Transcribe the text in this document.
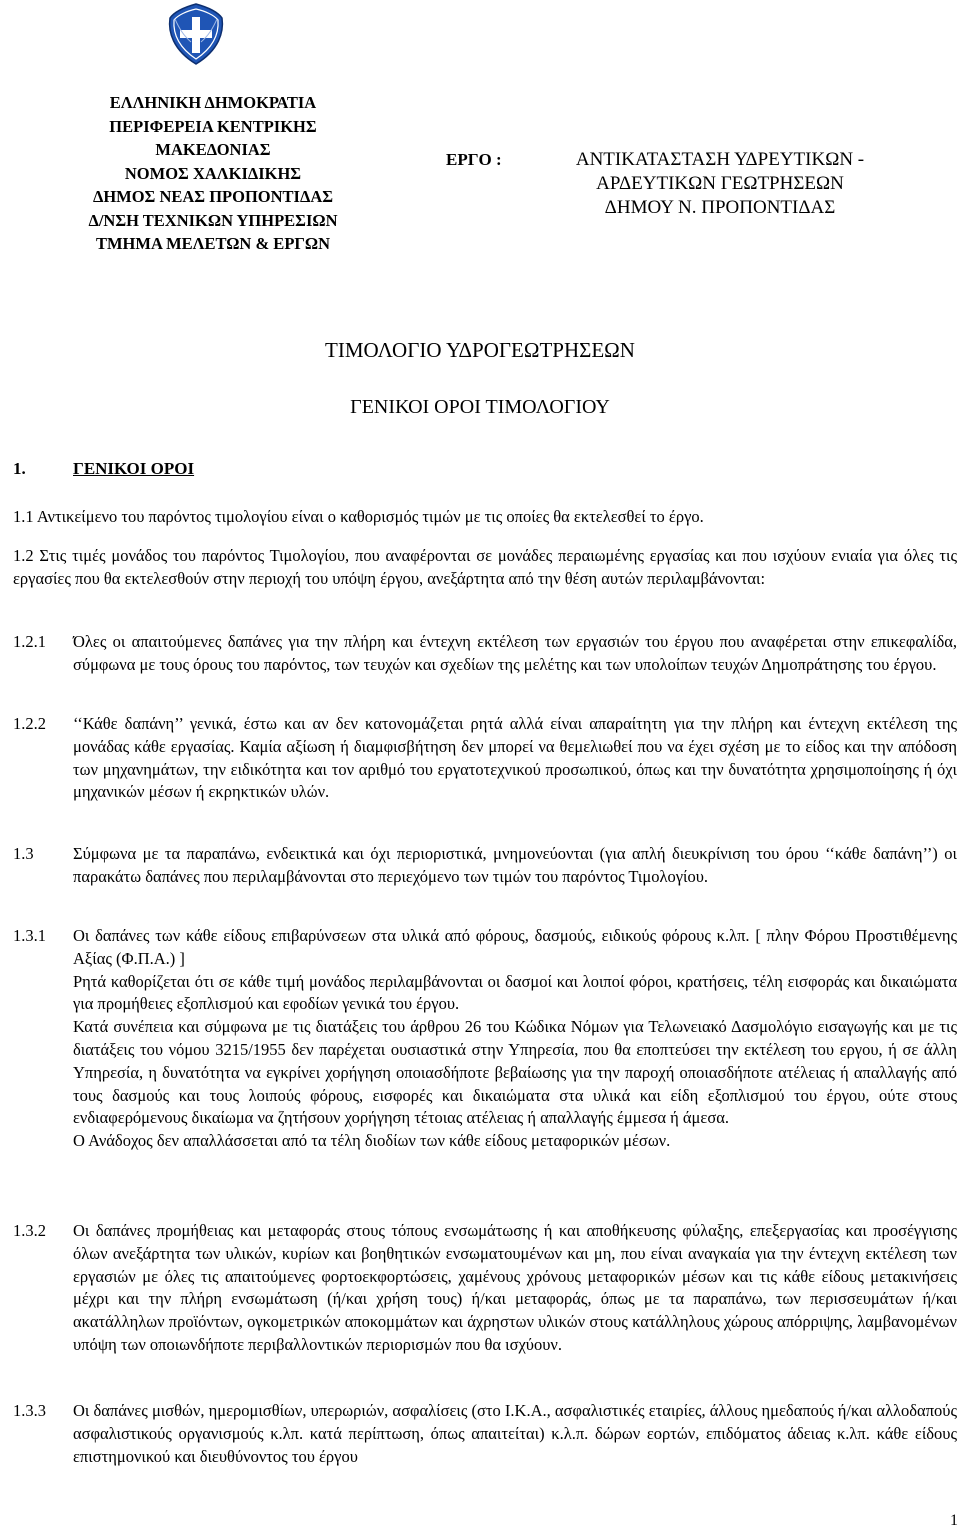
ΕΛΛΗΝΙΚΗ ΔΗΜΟΚΡΑΤΙΑ
ΠΕΡΙΦΕΡΕΙΑ ΚΕΝΤΡΙΚΗΣ
ΜΑΚΕΔΟΝΙΑΣ
ΝΟΜΟΣ ΧΑΛΚΙΔΙΚΗΣ
ΔΗΜΟΣ ΝΕΑΣ ΠΡΟΠΟΝΤΙΔΑΣ
Δ/ΝΣΗ ΤΕΧΝΙΚΩΝ ΥΠΗΡΕΣΙΩΝ
ΤΜΗΜΑ ΜΕΛΕΤΩΝ & ΕΡΓΩΝ
ΕΡΓΟ :	ΑΝΤΙΚΑΤΑΣΤΑΣΗ ΥΔΡΕΥΤΙΚΩΝ -
ΑΡΔΕΥΤΙΚΩΝ ΓΕΩΤΡΗΣΕΩΝ
ΔΗΜΟΥ Ν. ΠΡΟΠΟΝΤΙΔΑΣ
ΤΙΜΟΛΟΓΙΟ ΥΔΡΟΓΕΩΤΡΗΣΕΩΝ
ΓΕΝΙΚΟΙ ΟΡΟΙ ΤΙΜΟΛΟΓΙΟΥ
1.	ΓΕΝΙΚΟΙ ΟΡΟΙ

1.1 Αντικείμενο του παρόντος τιμολογίου είναι ο καθορισμός τιμών με τις οποίες θα εκτελεσθεί το έργο.

1.2 Στις τιμές μονάδος του παρόντος Τιμολογίου, που αναφέρονται σε μονάδες περαιωμένης εργασίας και που ισχύουν ενιαία για όλες τις εργασίες που θα εκτελεσθούν στην περιοχή του υπόψη έργου, ανεξάρτητα από την θέση αυτών περιλαμβάνονται:

1.2.1 Όλες οι απαιτούμενες δαπάνες για την πλήρη και έντεχνη εκτέλεση των εργασιών του έργου που αναφέρεται στην επικεφαλίδα, σύμφωνα με τους όρους του παρόντος, των τευχών και σχεδίων της μελέτης και των υπολοίπων τευχών Δημοπράτησης του έργου.

1.2.2 ‘‘Κάθε δαπάνη’’ γενικά, έστω και αν δεν κατονομάζεται ρητά αλλά είναι απαραίτητη για την πλήρη και έντεχνη εκτέλεση της μονάδας κάθε εργασίας. Καμία αξίωση ή διαμφισβήτηση δεν μπορεί να θεμελιωθεί που να έχει σχέση με το είδος και την απόδοση των μηχανημάτων, την ειδικότητα και τον αριθμό του εργατοτεχνικού προσωπικού, όπως και την δυνατότητα χρησιμοποίησης ή όχι μηχανικών μέσων ή εκρηκτικών υλών.

1.3 Σύμφωνα με τα παραπάνω, ενδεικτικά και όχι περιοριστικά, μνημονεύονται (για απλή διευκρίνιση του όρου ‘‘κάθε δαπάνη’’) οι παρακάτω δαπάνες που περιλαμβάνονται στο περιεχόμενο των τιμών του παρόντος Τιμολογίου.

1.3.1 Οι δαπάνες των κάθε είδους επιβαρύνσεων στα υλικά από φόρους, δασμούς, ειδικούς φόρους κ.λπ. [ πλην Φόρου Προστιθέμενης Αξίας (Φ.Π.Α.) ]

Ρητά καθορίζεται ότι σε κάθε τιμή μονάδος περιλαμβάνονται οι δασμοί και λοιποί φόροι, κρατήσεις, τέλη εισφοράς και δικαιώματα για προμήθειες εξοπλισμού και εφοδίων γενικά του έργου.

Κατά συνέπεια και σύμφωνα με τις διατάξεις του άρθρου 26 του Κώδικα Νόμων για Τελωνειακό Δασμολόγιο εισαγωγής και με τις διατάξεις του νόμου 3215/1955 δεν παρέχεται ουσιαστικά στην Υπηρεσία, που θα εποπτεύσει την εκτέλεση του εργου, ή σε άλλη Υπηρεσία, η δυνατότητα να εγκρίνει χορήγηση οποιασδήποτε βεβαίωσης για την παροχή οποιασδήποτε ατέλειας ή απαλλαγής από τους δασμούς και τους λοιπούς φόρους, εισφορές και δικαιώματα στα υλικά και είδη εξοπλισμού του έργου, ούτε στους ενδιαφερόμενους δικαίωμα να ζητήσουν χορήγηση τέτοιας ατέλειας ή απαλλαγής έμμεσα ή άμεσα.

Ο Ανάδοχος δεν απαλλάσσεται από τα τέλη διοδίων των κάθε είδους μεταφορικών μέσων.

1.3.2 Οι δαπάνες προμήθειας και μεταφοράς στους τόπους ενσωμάτωσης ή και αποθήκευσης φύλαξης, επεξεργασίας και προσέγγισης όλων ανεξάρτητα των υλικών, κυρίων και βοηθητικών ενσωματουμένων και μη, που είναι αναγκαία για την έντεχνη εκτέλεση των εργασιών με όλες τις απαιτούμενες φορτοεκφορτώσεις, χαμένους χρόνους μεταφορικών μέσων και τις κάθε είδους μετακινήσεις μέχρι και την πλήρη ενσωμάτωση (ή/και χρήση τους) ή/και μεταφοράς, όπως με τα παραπάνω, των περισσευμάτων ή/και ακατάλληλων προϊόντων, ογκομετρικών αποκομμάτων και άχρηστων υλικών στους κατάλληλους χώρους απόρριψης, λαμβανομένων υπόψη των οποιωνδήποτε περιβαλλοντικών περιορισμών που θα ισχύουν.

1.3.3 Οι δαπάνες μισθών, ημερομισθίων, υπερωριών, ασφαλίσεις (στο Ι.Κ.Α., ασφαλιστικές εταιρίες, άλλους ημεδαπούς ή/και αλλοδαπούς ασφαλιστικούς οργανισμούς κ.λπ. κατά περίπτωση, όπως απαιτείται) κ.λ.π. δώρων εορτών, επιδόματος άδειας κ.λπ. κάθε είδους επιστημονικού και διευθύνοντος του έργου

1
